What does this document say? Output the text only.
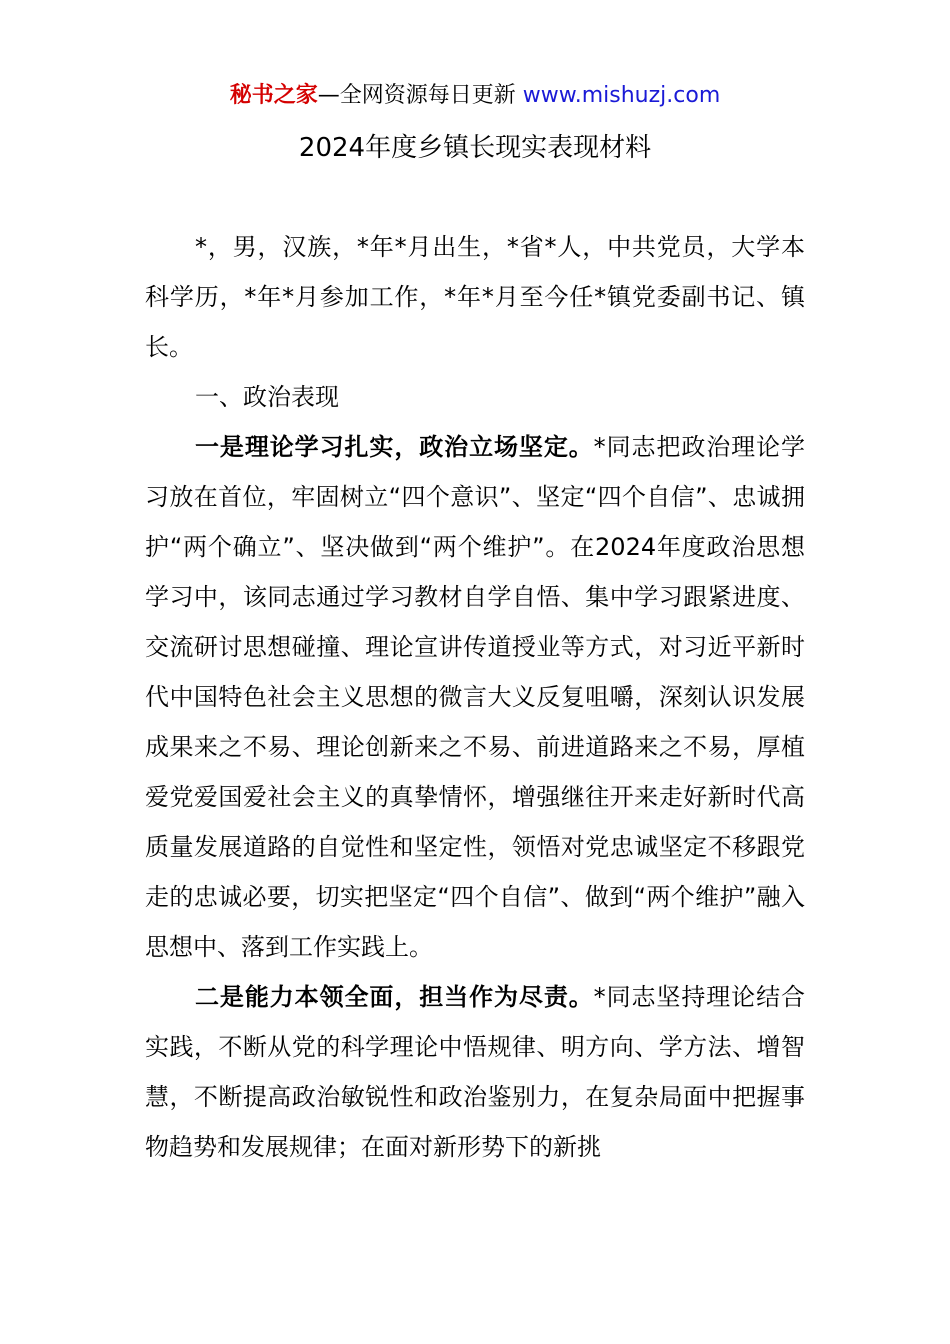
秘书之家—全网资源每日更新 www.mishuzj.com
2024年度乡镇长现实表现材料

*，男，汉族，*年*月出生，*省*人，中共党员，大学本科学历，*年*月参加工作，*年*月至今任*镇党委副书记、镇长。

一、政治表现

一是理论学习扎实，政治立场坚定。*同志把政治理论学习放在首位，牢固树立“四个意识”、坚定“四个自信”、忠诚拥护“两个确立”、坚决做到“两个维护”。在2024年度政治思想学习中，该同志通过学习教材自学自悟、集中学习跟紧进度、交流研讨思想碰撞、理论宣讲传道授业等方式，对习近平新时代中国特色社会主义思想的微言大义反复咀嚼，深刻认识发展成果来之不易、理论创新来之不易、前进道路来之不易，厚植爱党爱国爱社会主义的真挚情怀，增强继往开来走好新时代高质量发展道路的自觉性和坚定性，领悟对党忠诚坚定不移跟党走的忠诚必要，切实把坚定“四个自信”、做到“两个维护”融入思想中、落到工作实践上。

二是能力本领全面，担当作为尽责。*同志坚持理论结合实践，不断从党的科学理论中悟规律、明方向、学方法、增智慧，不断提高政治敏锐性和政治鉴别力，在复杂局面中把握事物趋势和发展规律；在面对新形势下的新挑
